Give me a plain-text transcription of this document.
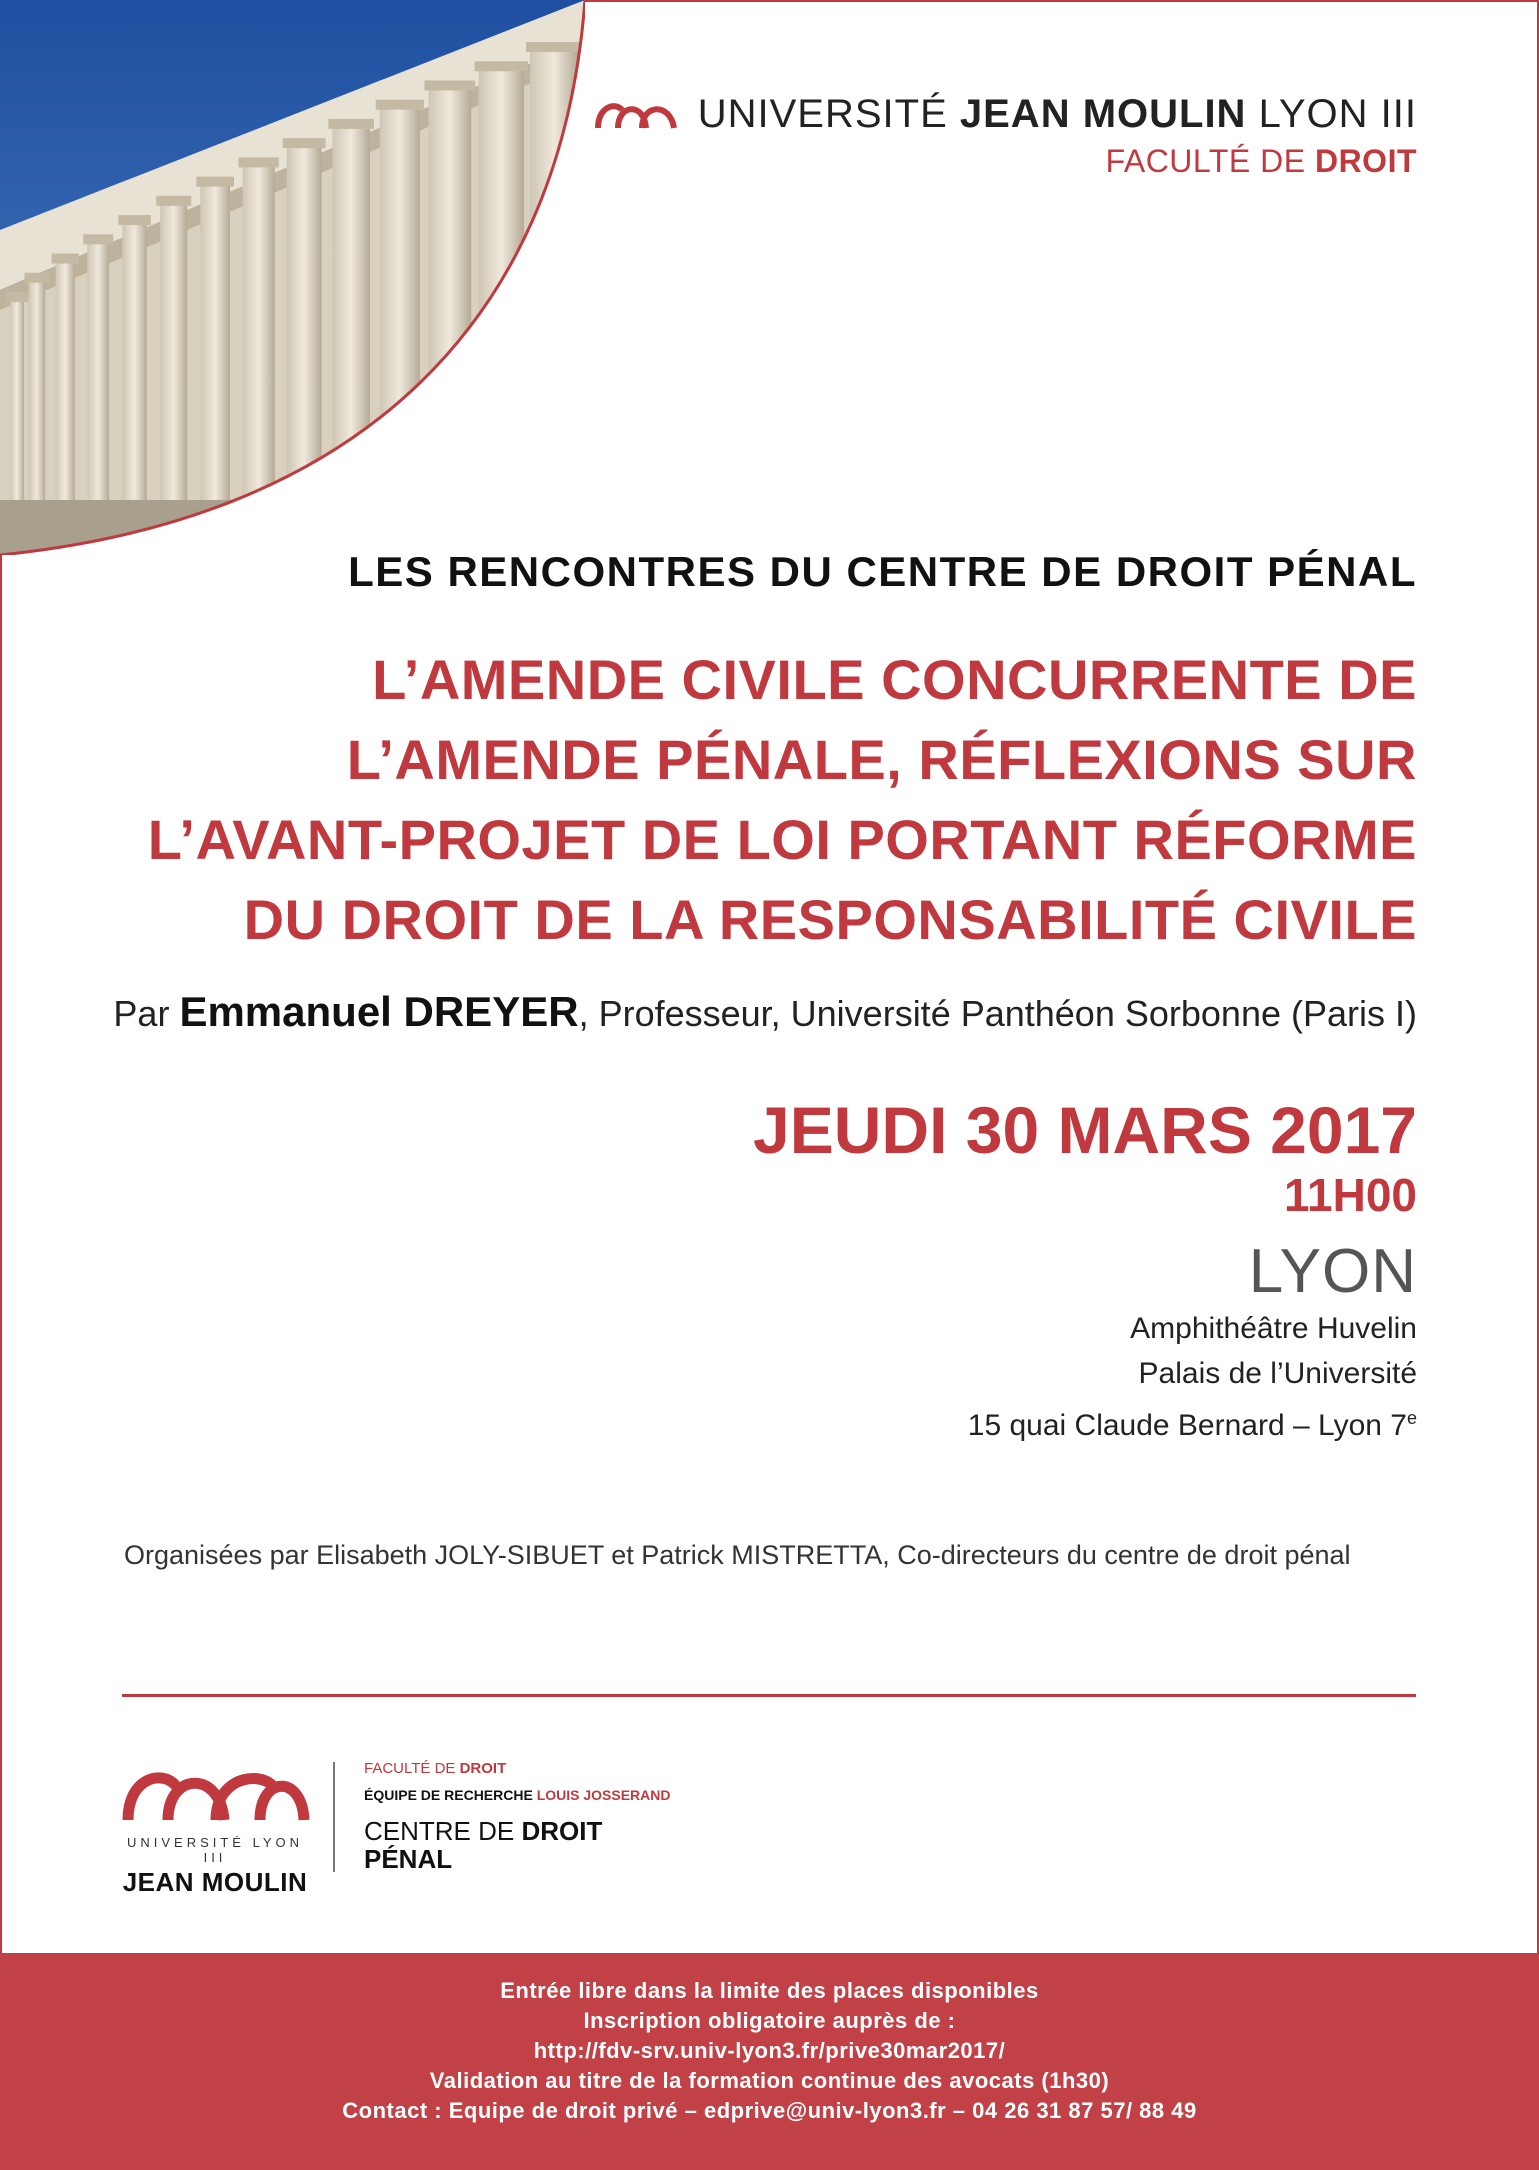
UNIVERSITÉ JEAN MOULIN LYON III
FACULTÉ DE DROIT
LES RENCONTRES DU CENTRE DE DROIT PÉNAL
L’AMENDE CIVILE CONCURRENTE DE
L’AMENDE PÉNALE, RÉFLEXIONS SUR
L’AVANT-PROJET DE LOI PORTANT RÉFORME
DU DROIT DE LA RESPONSABILITÉ CIVILE
Par Emmanuel DREYER, Professeur, Université Panthéon Sorbonne (Paris I)
JEUDI 30 MARS 2017
11H00
LYON
Amphithéâtre Huvelin
Palais de l’Université
15 quai Claude Bernard – Lyon 7e
Organisées par Elisabeth JOLY-SIBUET et Patrick MISTRETTA, Co-directeurs du centre de droit pénal
UNIVERSITÉ LYON III
JEAN MOULIN
FACULTÉ DE DROIT
ÉQUIPE DE RECHERCHE LOUIS JOSSERAND
CENTRE DE DROIT
PÉNAL
Entrée libre dans la limite des places disponibles
Inscription obligatoire auprès de :
http://fdv-srv.univ-lyon3.fr/prive30mar2017/
Validation au titre de la formation continue des avocats (1h30)
Contact : Equipe de droit privé – edprive@univ-lyon3.fr – 04 26 31 87 57/ 88 49
